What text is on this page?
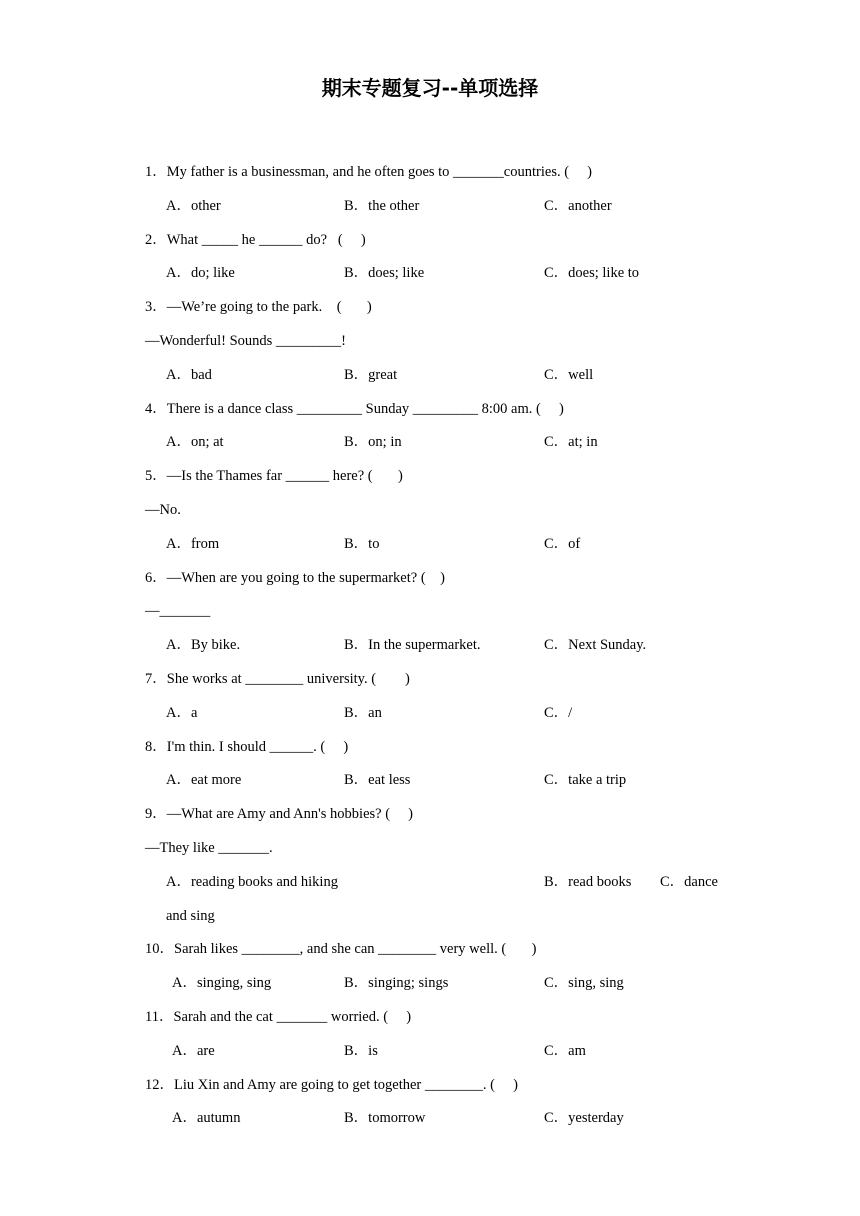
期末专题复习--单项选择
1．My father is a businessman, and he often goes to _______countries. (     )
A．other	B．the other	C．another
2．What _____ he ______ do?   (     )
A．do; like	B．does; like	C．does; like to
3．—We’re going to the park.    (       )
—Wonderful! Sounds _________!
A．bad	B．great	C．well
4．There is a dance class _________ Sunday _________ 8:00 am. (     )
A．on; at	B．on; in	C．at; in
5．—Is the Thames far ______ here? (       )
—No.
A．from	B．to	C．of
6．—When are you going to the supermarket? (    )
—_______
A．By bike.	B．In the supermarket.	C．Next Sunday.
7．She works at ________ university. (        )
A．a	B．an	C．/
8．I'm thin. I should ______. (     )
A．eat more	B．eat less	C．take a trip
9．—What are Amy and Ann's hobbies? (     )
—They like _______.
A．reading books and hiking	B．read books C．dance
and sing
10．Sarah likes ________, and she can ________ very well. (       )
A．singing, sing	B．singing; sings	C．sing, sing
11．Sarah and the cat _______ worried. (     )
A．are	B．is	C．am
12．Liu Xin and Amy are going to get together ________. (     )
A．autumn	B．tomorrow	C．yesterday
